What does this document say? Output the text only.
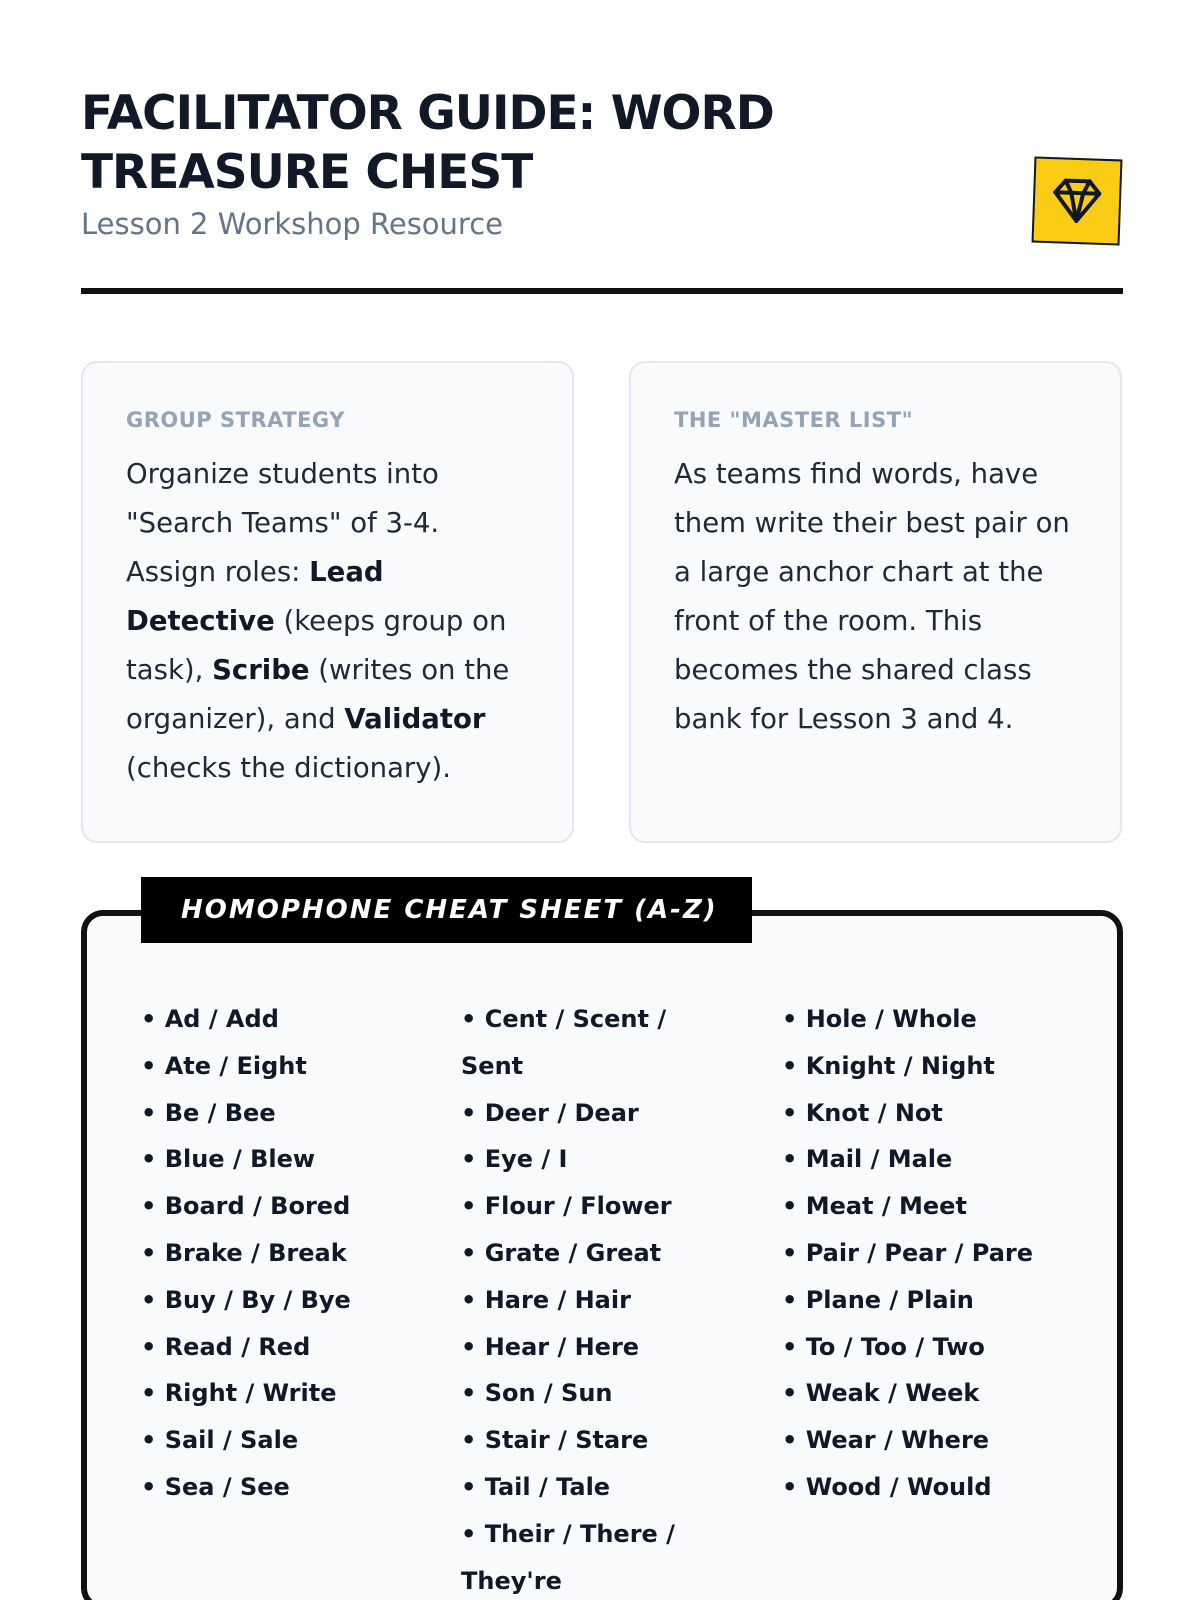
FACILITATOR GUIDE: WORD TREASURE CHEST
Lesson 2 Workshop Resource
GROUP STRATEGY

Organize students into "Search Teams" of 3-4. Assign roles: Lead Detective (keeps group on task), Scribe (writes on the organizer), and Validator (checks the dictionary).

THE "MASTER LIST"

As teams find words, have them write their best pair on a large anchor chart at the front of the room. This becomes the shared class bank for Lesson 3 and 4.

HOMOPHONE CHEAT SHEET (A-Z)
• Ad / Add
• Ate / Eight
• Be / Bee
• Blue / Blew
• Board / Bored
• Brake / Break
• Buy / By / Bye
• Read / Red
• Right / Write
• Sail / Sale
• Sea / See
• Cent / Scent / Sent
• Deer / Dear
• Eye / I
• Flour / Flower
• Grate / Great
• Hare / Hair
• Hear / Here
• Son / Sun
• Stair / Stare
• Tail / Tale
• Their / There / They're
• Hole / Whole
• Knight / Night
• Knot / Not
• Mail / Male
• Meat / Meet
• Pair / Pear / Pare
• Plane / Plain
• To / Too / Two
• Weak / Week
• Wear / Where
• Wood / Would
